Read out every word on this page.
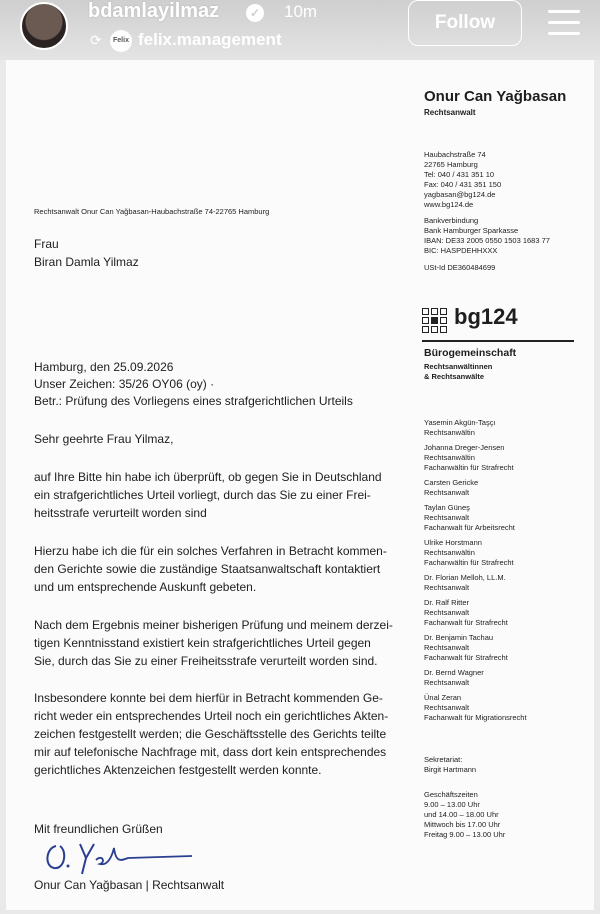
bdamlayilmaz	✓ 10m
⟳	Felix felix.management
Follow
Onur Can Yağbasan
Rechtsanwalt
Haubachstraße 74
22765 Hamburg
Tel: 040 / 431 351 10
Fax: 040 / 431 351 150
yagbasan@bg124.de
www.bg124.de
Bankverbindung
Bank Hamburger Sparkasse
IBAN: DE33 2005 0550 1503 1683 77
BIC: HASPDEHHXXX
USt-Id DE360484699
bg124
Bürogemeinschaft
Rechtsanwältinnen
& Rechtsanwälte
Yasemin Akgün-Taşçı
Rechtsanwältin
Johanna Dreger-Jensen
Rechtsanwältin
Fachanwältin für Strafrecht
Carsten Gericke
Rechtsanwalt
Taylan Güneş
Rechtsanwalt
Fachanwalt für Arbeitsrecht
Ulrike Horstmann
Rechtsanwältin
Fachanwältin für Strafrecht
Dr. Florian Melloh, LL.M.
Rechtsanwalt
Dr. Ralf Ritter
Rechtsanwalt
Fachanwalt für Strafrecht
Dr. Benjamin Tachau
Rechtsanwalt
Fachanwalt für Strafrecht
Dr. Bernd Wagner
Rechtsanwalt
Ünal Zeran
Rechtsanwalt
Fachanwalt für Migrationsrecht
Sekretariat:
Birgit Hartmann
Geschäftszeiten
9.00 – 13.00 Uhr
und 14.00 – 18.00 Uhr
Mittwoch bis 17.00 Uhr
Freitag 9.00 – 13.00 Uhr
Rechtsanwalt Onur Can Yağbasan-Haubachstraße 74-22765 Hamburg
Frau
Biran Damla Yilmaz
Hamburg, den 25.09.2026
Unser Zeichen: 35/26 OY06 (oy) ·
Betr.: Prüfung des Vorliegens eines strafgerichtlichen Urteils
Sehr geehrte Frau Yilmaz,
auf Ihre Bitte hin habe ich überprüft, ob gegen Sie in Deutschland
ein strafgerichtliches Urteil vorliegt, durch das Sie zu einer Frei-
heitsstrafe verurteilt worden sind
Hierzu habe ich die für ein solches Verfahren in Betracht kommen-
den Gerichte sowie die zuständige Staatsanwaltschaft kontaktiert
und um entsprechende Auskunft gebeten.
Nach dem Ergebnis meiner bisherigen Prüfung und meinem derzei-
tigen Kenntnisstand existiert kein strafgerichtliches Urteil gegen
Sie, durch das Sie zu einer Freiheitsstrafe verurteilt worden sind.
Insbesondere konnte bei dem hierfür in Betracht kommenden Ge-
richt weder ein entsprechendes Urteil noch ein gerichtliches Akten-
zeichen festgestellt werden; die Geschäftsstelle des Gerichts teilte
mir auf telefonische Nachfrage mit, dass dort kein entsprechendes
gerichtliches Aktenzeichen festgestellt werden konnte.
Mit freundlichen Grüßen
Onur Can Yağbasan | Rechtsanwalt
